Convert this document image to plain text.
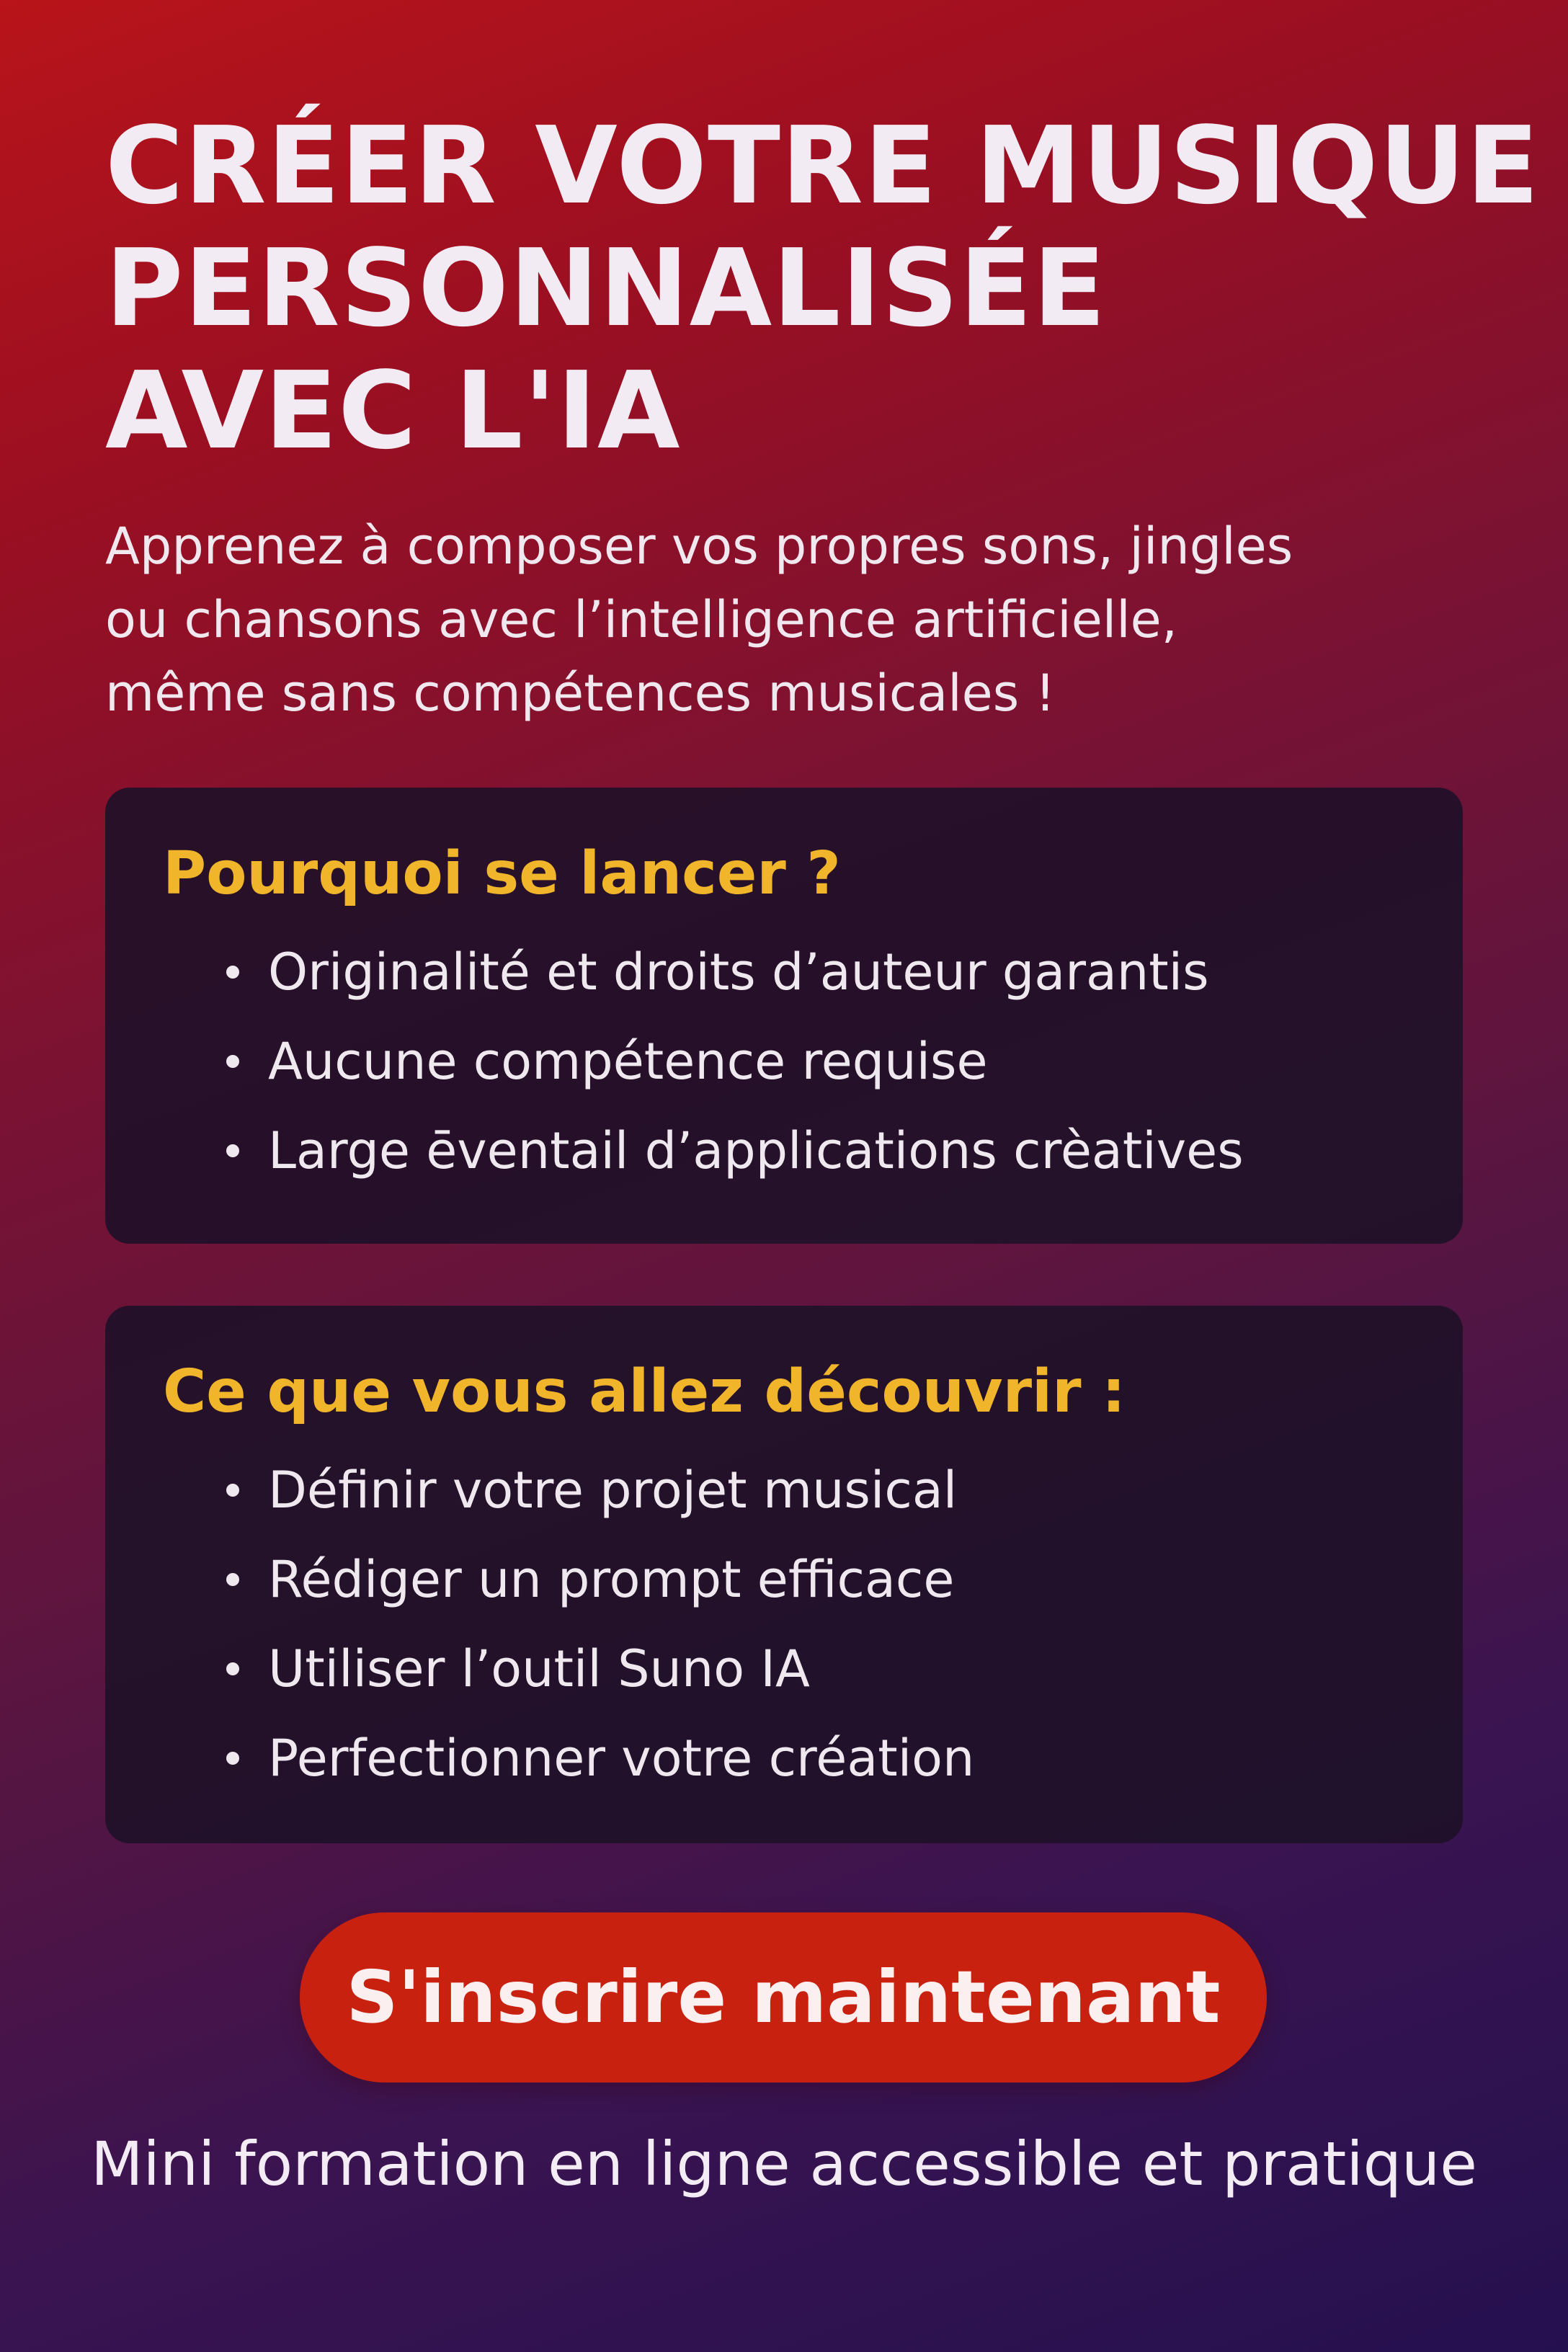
CRÉER VOTRE MUSIQUE
PERSONNALISÉE
AVEC L'IA

Apprenez à composer vos propres sons, jingles
ou chansons avec l’intelligence artificielle,
même sans compétences musicales !

Pourquoi se lancer ?
Originalité et droits d’auteur garantis
Aucune compétence requise
Large ēventail d’applications crèatives
Ce que vous allez découvrir :
Définir votre projet musical
Rédiger un prompt efficace
Utiliser l’outil Suno IA
Perfectionner votre création
S'inscrire maintenant
Mini formation en ligne accessible et pratique
